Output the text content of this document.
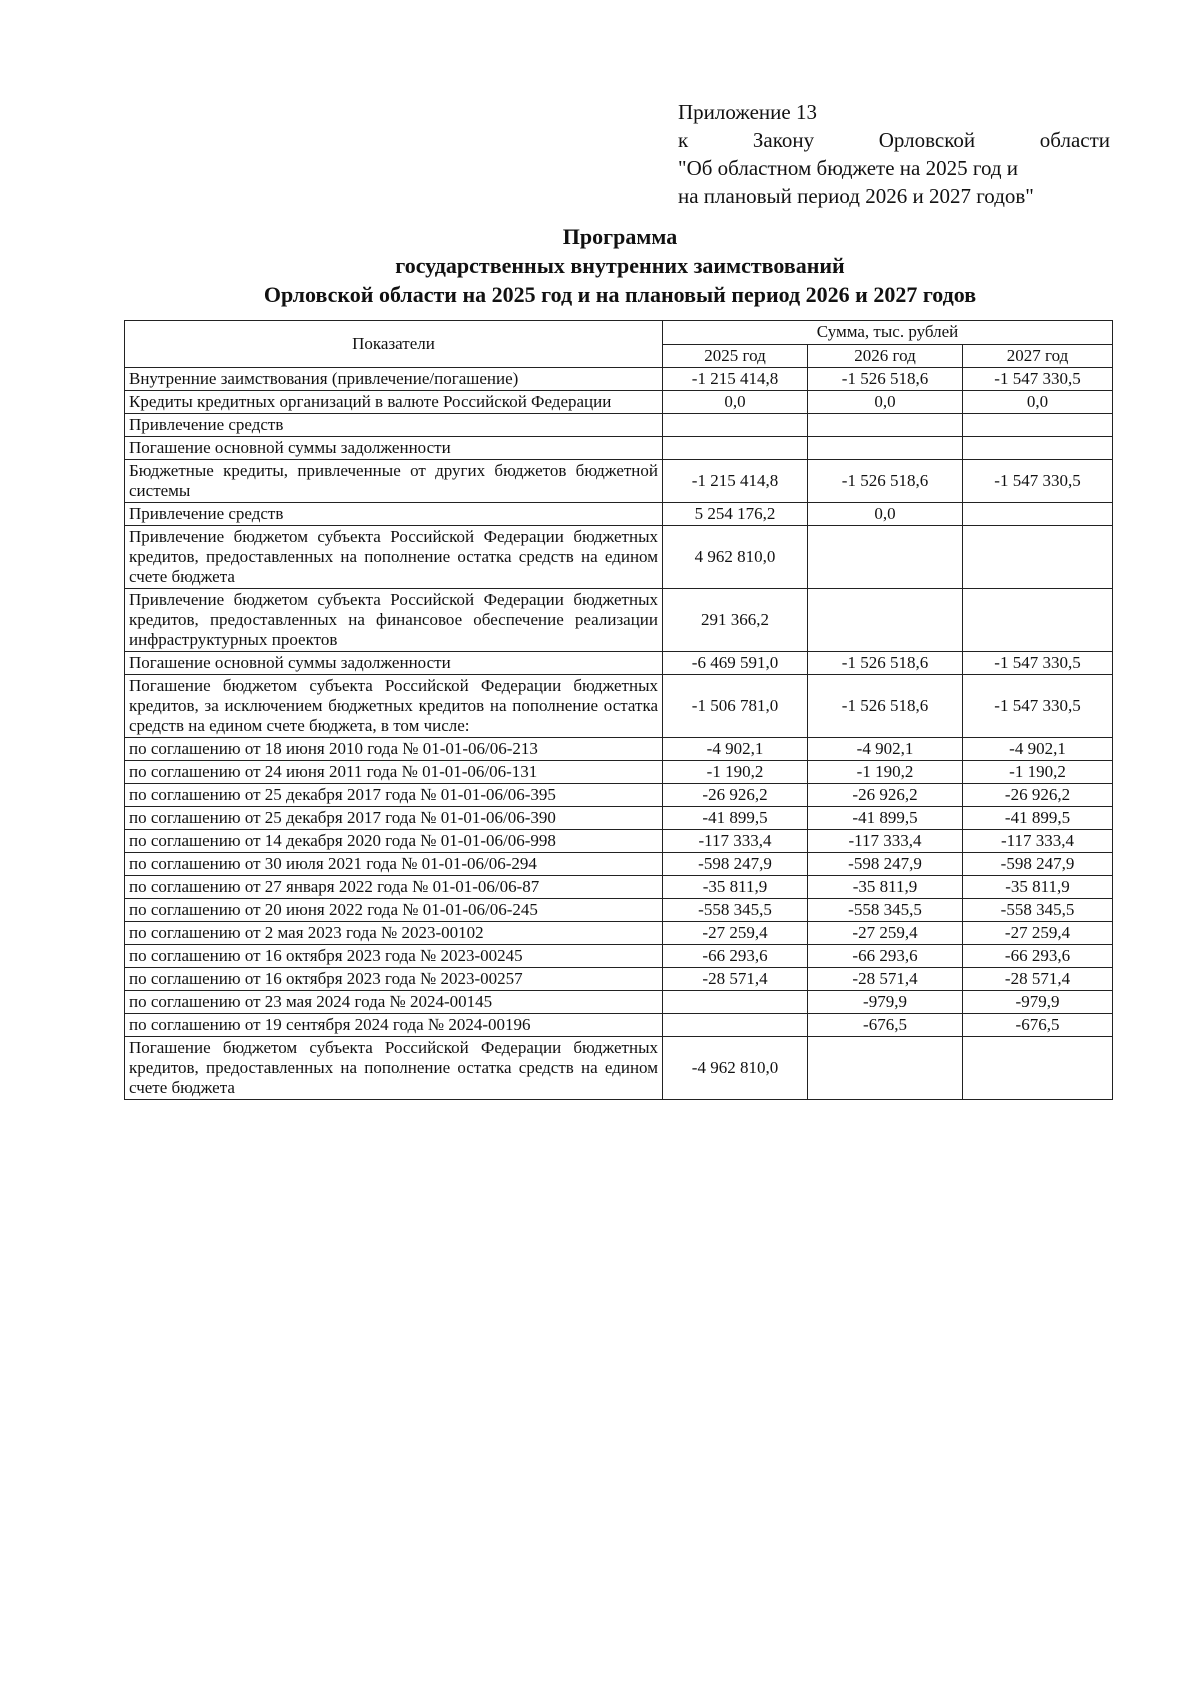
Приложение 13
к	Закону	Орловской	области
"Об областном бюджете на 2025 год и
на плановый период 2026 и 2027 годов"
Программа
государственных внутренних заимствований
Орловской области на 2025 год и на плановый период 2026 и 2027 годов
Показатели	Сумма, тыс. рублей		
	2025 год	2026 год	2027 год
Внутренние заимствования (привлечение/погашение)	-1 215 414,8	-1 526 518,6	-1 547 330,5
Кредиты кредитных организаций в валюте Российской Федерации	0,0	0,0	0,0
Привлечение средств			
Погашение основной суммы задолженности			
Бюджетные кредиты, привлеченные от других бюджетов бюджетной системы	-1 215 414,8	-1 526 518,6	-1 547 330,5
Привлечение средств	5 254 176,2	0,0	
Привлечение бюджетом субъекта Российской Федерации бюджетных кредитов, предоставленных на пополнение остатка средств на едином счете бюджета	4 962 810,0		
Привлечение бюджетом субъекта Российской Федерации бюджетных кредитов, предоставленных на финансовое обеспечение реализации инфраструктурных проектов	291 366,2		
Погашение основной суммы задолженности	-6 469 591,0	-1 526 518,6	-1 547 330,5
Погашение бюджетом субъекта Российской Федерации бюджетных кредитов, за исключением бюджетных кредитов на пополнение остатка средств на едином счете бюджета, в том числе:	-1 506 781,0	-1 526 518,6	-1 547 330,5
по соглашению от 18 июня 2010 года № 01-01-06/06-213	-4 902,1	-4 902,1	-4 902,1
по соглашению от 24 июня 2011 года № 01-01-06/06-131	-1 190,2	-1 190,2	-1 190,2
по соглашению от 25 декабря 2017 года № 01-01-06/06-395	-26 926,2	-26 926,2	-26 926,2
по соглашению от 25 декабря 2017 года № 01-01-06/06-390	-41 899,5	-41 899,5	-41 899,5
по соглашению от 14 декабря 2020 года № 01-01-06/06-998	-117 333,4	-117 333,4	-117 333,4
по соглашению от 30 июля 2021 года № 01-01-06/06-294	-598 247,9	-598 247,9	-598 247,9
по соглашению от 27 января 2022 года № 01-01-06/06-87	-35 811,9	-35 811,9	-35 811,9
по соглашению от 20 июня 2022 года № 01-01-06/06-245	-558 345,5	-558 345,5	-558 345,5
по соглашению от 2 мая 2023 года № 2023-00102	-27 259,4	-27 259,4	-27 259,4
по соглашению от 16 октября 2023 года № 2023-00245	-66 293,6	-66 293,6	-66 293,6
по соглашению от 16 октября 2023 года № 2023-00257	-28 571,4	-28 571,4	-28 571,4
по соглашению от 23 мая 2024 года № 2024-00145		-979,9	-979,9
по соглашению от 19 сентября 2024 года № 2024-00196		-676,5	-676,5
Погашение бюджетом субъекта Российской Федерации бюджетных кредитов, предоставленных на пополнение остатка средств на едином счете бюджета	-4 962 810,0		
